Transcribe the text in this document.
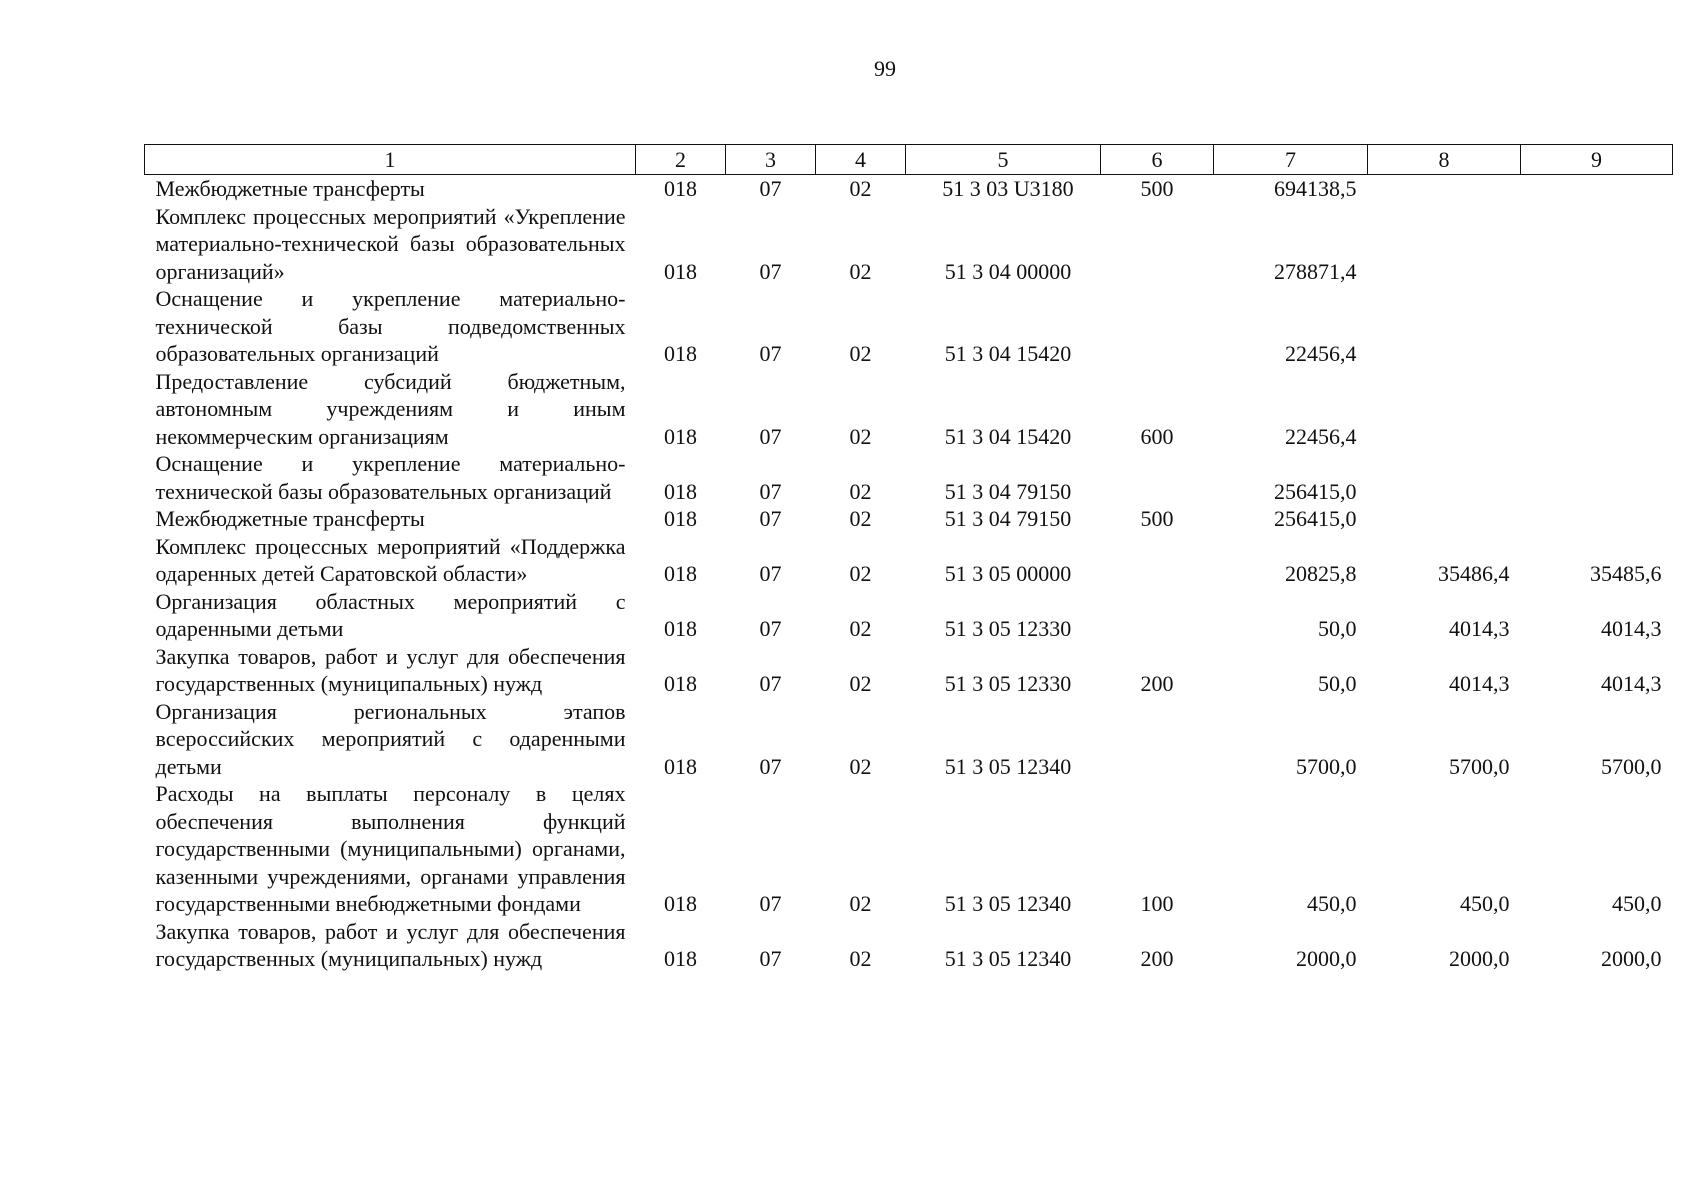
99
1	2	3	4	5	6	7	8	9
Межбюджетные трансферты	018	07	02	51 3 03 U3180	500	694138,5		
Комплекс процессных мероприятий «Укрепление материально-технической базы образовательных организаций»	018	07	02	51 3 04 00000		278871,4		
Оснащение и укрепление материально-технической базы подведомственных образовательных организаций	018	07	02	51 3 04 15420		22456,4		
Предоставление субсидий бюджетным, автономным учреждениям и иным некоммерческим организациям	018	07	02	51 3 04 15420	600	22456,4		
Оснащение и укрепление материально-технической базы образовательных организаций	018	07	02	51 3 04 79150		256415,0		
Межбюджетные трансферты	018	07	02	51 3 04 79150	500	256415,0		
Комплекс процессных мероприятий «Поддержка одаренных детей Саратовской области»	018	07	02	51 3 05 00000		20825,8	35486,4	35485,6
Организация областных мероприятий с одаренными детьми	018	07	02	51 3 05 12330		50,0	4014,3	4014,3
Закупка товаров, работ и услуг для обеспечения государственных (муниципальных) нужд	018	07	02	51 3 05 12330	200	50,0	4014,3	4014,3
Организация региональных этапов всероссийских мероприятий с одаренными детьми	018	07	02	51 3 05 12340		5700,0	5700,0	5700,0
Расходы на выплаты персоналу в целях обеспечения выполнения функций государственными (муниципальными) органами, казенными учреждениями, органами управления государственными внебюджетными фондами	018	07	02	51 3 05 12340	100	450,0	450,0	450,0
Закупка товаров, работ и услуг для обеспечения государственных (муниципальных) нужд	018	07	02	51 3 05 12340	200	2000,0	2000,0	2000,0
